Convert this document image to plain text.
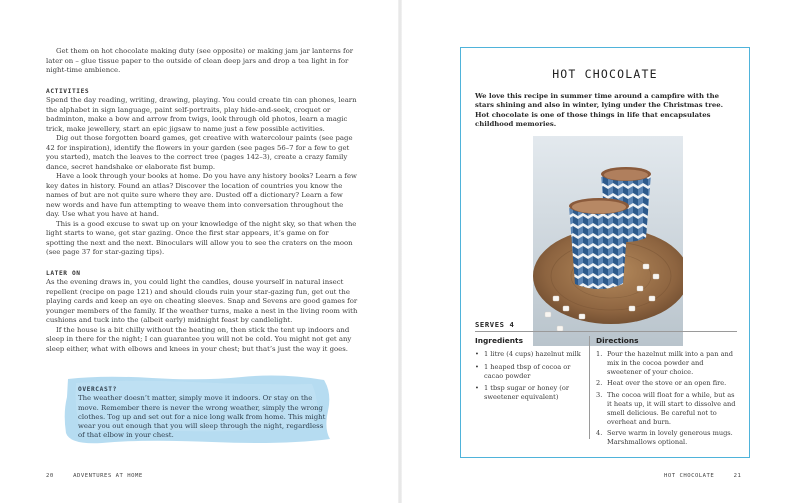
Get them on hot chocolate making duty (see opposite) or making jam jar lanterns for later on – glue tissue paper to the outside of clean deep jars and drop a tea light in for night-time ambience.

ACTIVITIES

Spend the day reading, writing, drawing, playing. You could create tin can phones, learn the alphabet in sign language, paint self-portraits, play hide-and-seek, croquet or badminton, make a bow and arrow from twigs, look through old photos, learn a magic trick, make jewellery, start an epic jigsaw to name just a few possible activities.

Dig out those forgotten board games, get creative with watercolour paints (see page 42 for inspiration), identify the flowers in your garden (see pages 56–7 for a few to get you started), match the leaves to the correct tree (pages 142–3), create a crazy family dance, secret handshake or elaborate fist bump.

Have a look through your books at home. Do you have any history books? Learn a few key dates in history. Found an atlas? Discover the location of countries you know the names of but are not quite sure where they are. Dusted off a dictionary? Learn a few new words and have fun attempting to weave them into conversation throughout the day. Use what you have at hand.

This is a good excuse to swat up on your knowledge of the night sky, so that when the light starts to wane, get star gazing. Once the first star appears, it’s game on for spotting the next and the next. Binoculars will allow you to see the craters on the moon (see page 37 for star-gazing tips).

LATER ON

As the evening draws in, you could light the candles, douse yourself in natural insect repellent (recipe on page 121) and should clouds ruin your star-gazing fun, get out the playing cards and keep an eye on cheating sleeves. Snap and Sevens are good games for younger members of the family. If the weather turns, make a nest in the living room with cushions and tuck into the (albeit early) midnight feast by candlelight.

If the house is a bit chilly without the heating on, then stick the tent up indoors and sleep in there for the night; I can guarantee you will not be cold. You might not get any sleep either, what with elbows and knees in your chest; but that’s just the way it goes.

OVERCAST?
The weather doesn’t matter, simply move it indoors. Or stay on the move. Remember there is never the wrong weather, simply the wrong clothes. Tog up and set out for a nice long walk from home. This might wear you out enough that you will sleep through the night, regardless of that elbow in your chest.
20	ADVENTURES AT HOME
HOT CHOCOLATE
We love this recipe in summer time around a campfire with the stars shining and also in winter, lying under the Christmas tree. Hot chocolate is one of those things in life that encapsulates childhood memories.
SERVES 4
Ingredients
• 1 litre (4 cups) hazelnut milk
• 1 heaped tbsp of cocoa or cacao powder
• 1 tbsp sugar or honey (or sweetener equivalent)
Directions
1. Pour the hazelnut milk into a pan and mix in the cocoa powder and sweetener of your choice.
2. Heat over the stove or an open fire.
3. The cocoa will float for a while, but as it heats up, it will start to dissolve and smell delicious. Be careful not to overheat and burn.
4. Serve warm in lovely generous mugs. Marshmallows optional.
HOT CHOCOLATE	21
